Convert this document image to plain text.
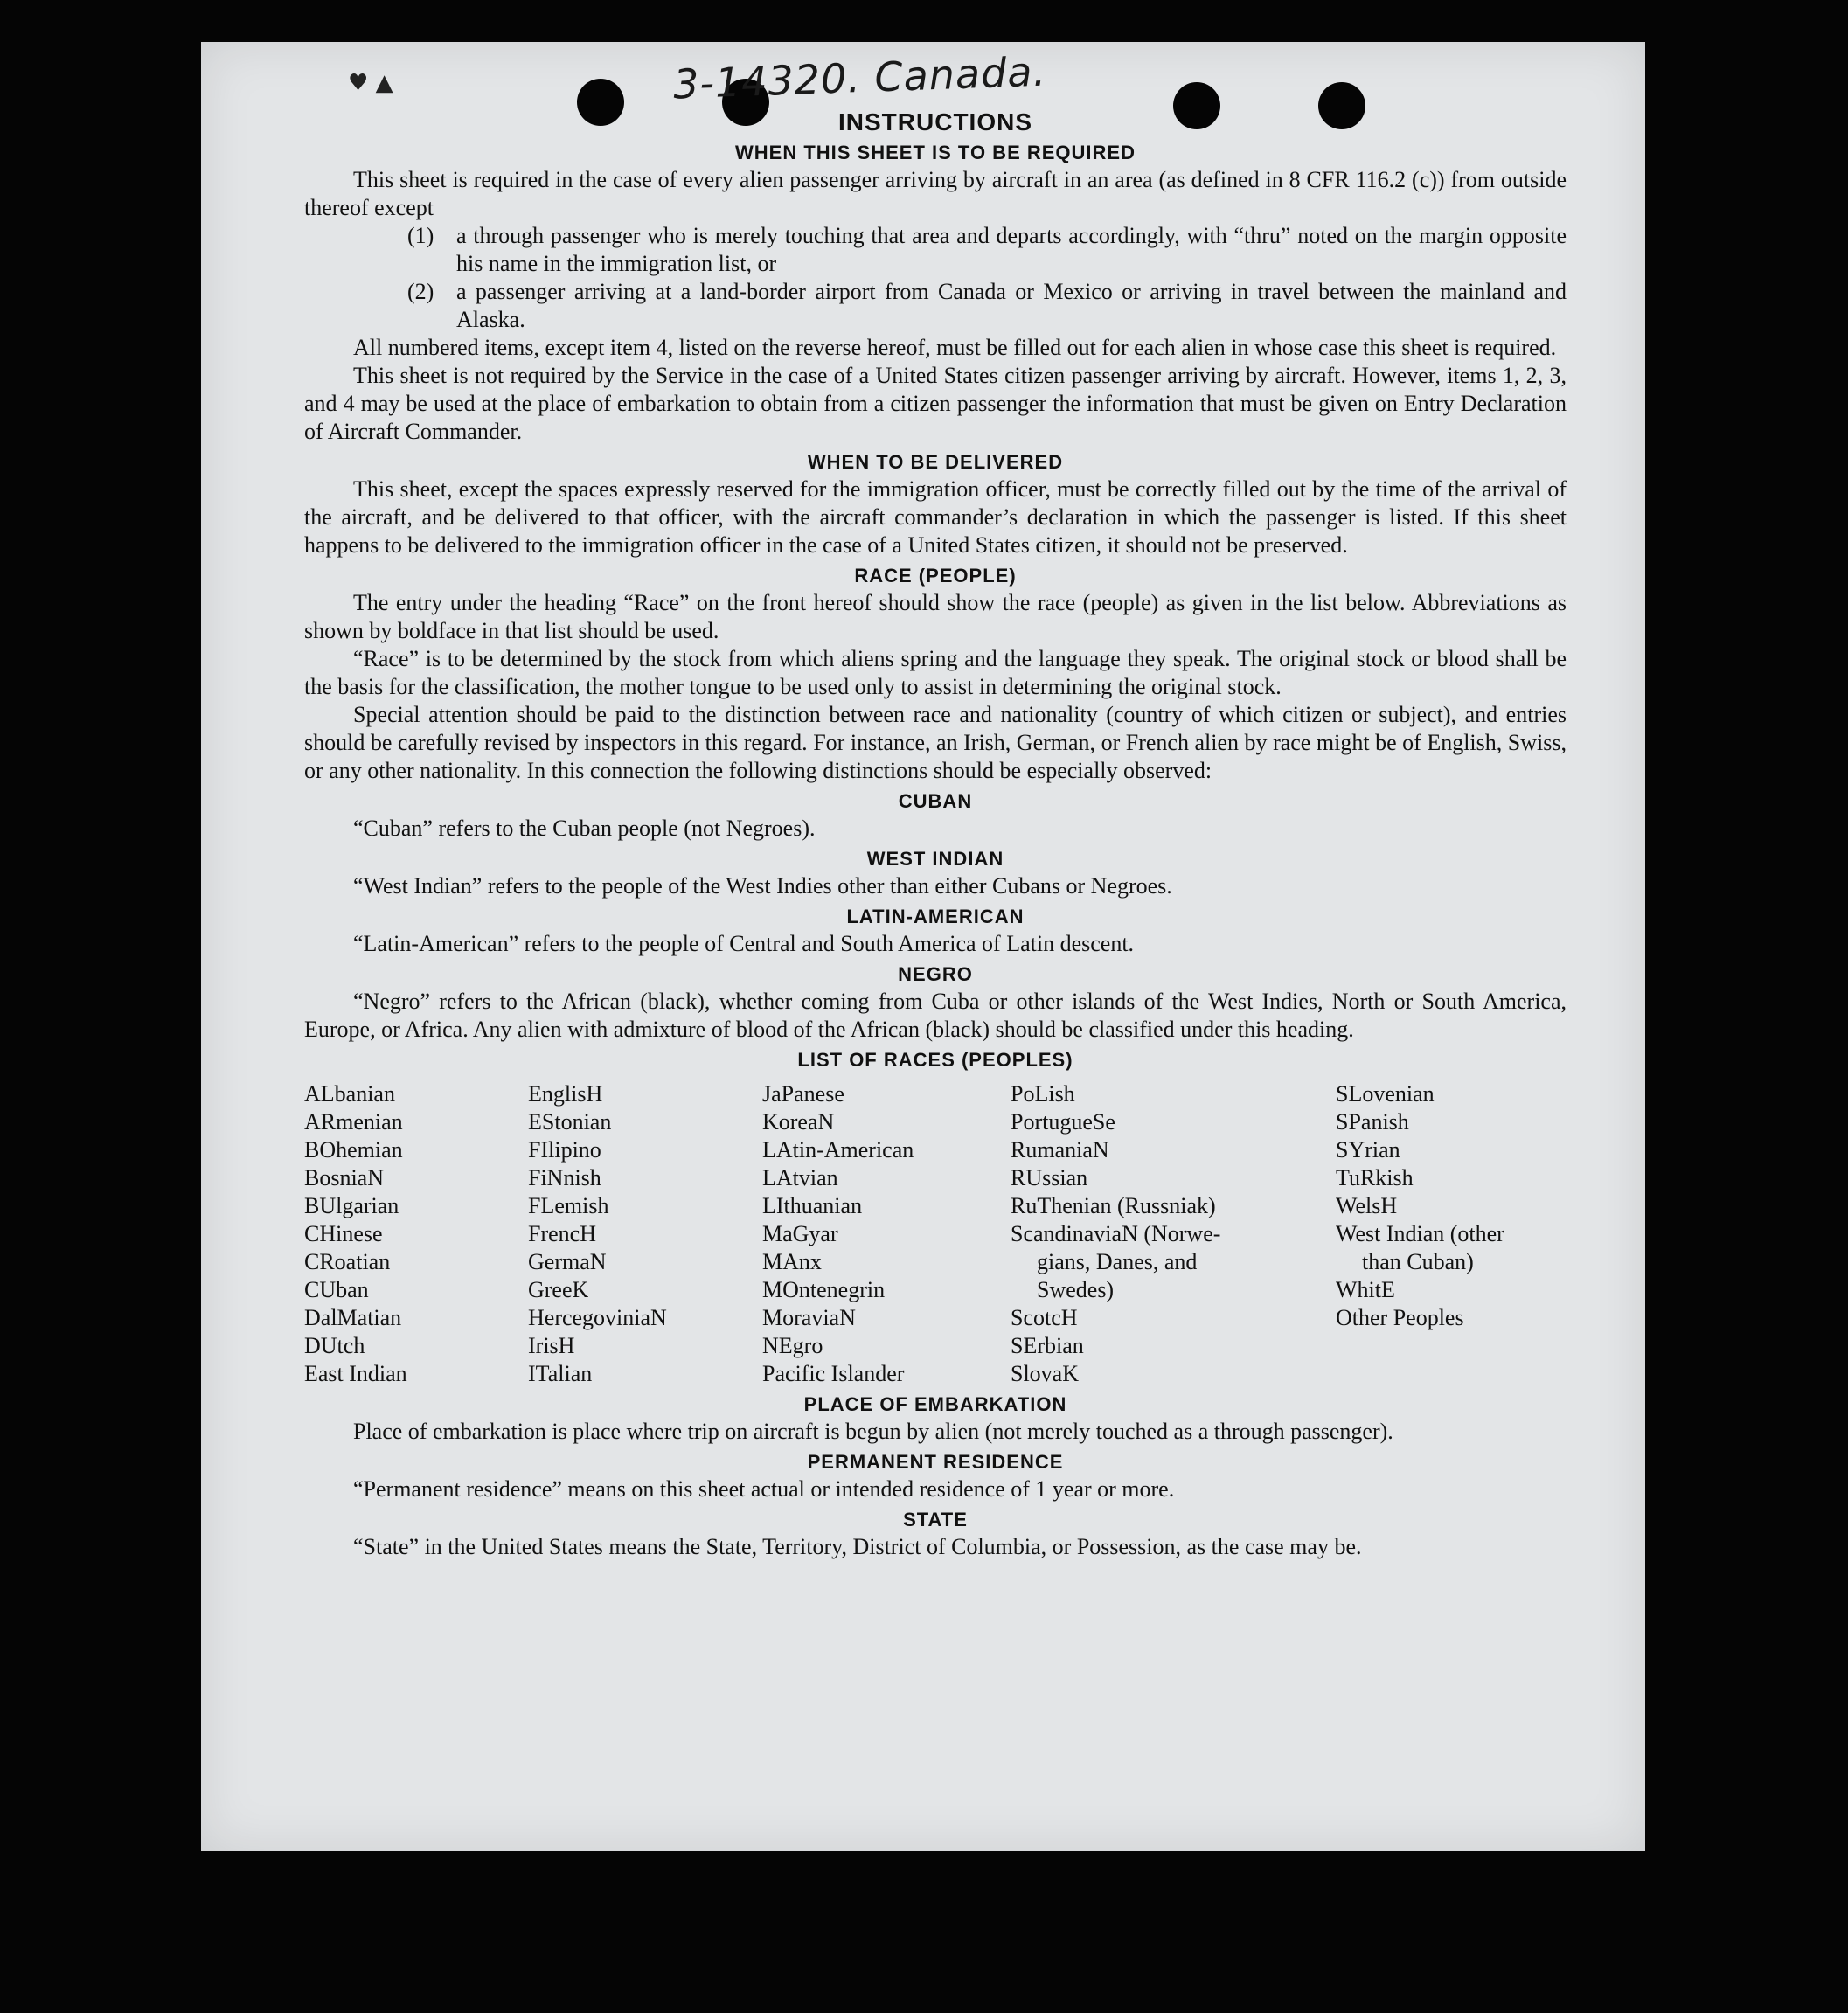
♥ ▲	3-14320. Canada.
INSTRUCTIONS
WHEN THIS SHEET IS TO BE REQUIRED

This sheet is required in the case of every alien passenger arriving by aircraft in an area (as defined in 8 CFR 116.2 (c)) from outside thereof except

(1) a through passenger who is merely touching that area and departs accordingly, with “thru” noted on the margin opposite his name in the immigration list, or
(2) a passenger arriving at a land-border airport from Canada or Mexico or arriving in travel between the mainland and Alaska.

All numbered items, except item 4, listed on the reverse hereof, must be filled out for each alien in whose case this sheet is required.

This sheet is not required by the Service in the case of a United States citizen passenger arriving by aircraft. However, items 1, 2, 3, and 4 may be used at the place of embarkation to obtain from a citizen passenger the information that must be given on Entry Declaration of Aircraft Commander.

WHEN TO BE DELIVERED

This sheet, except the spaces expressly reserved for the immigration officer, must be correctly filled out by the time of the arrival of the aircraft, and be delivered to that officer, with the aircraft commander’s declaration in which the passenger is listed. If this sheet happens to be delivered to the immigration officer in the case of a United States citizen, it should not be preserved.

RACE (PEOPLE)

The entry under the heading “Race” on the front hereof should show the race (people) as given in the list below. Abbreviations as shown by boldface in that list should be used.

“Race” is to be determined by the stock from which aliens spring and the language they speak. The original stock or blood shall be the basis for the classification, the mother tongue to be used only to assist in determining the original stock.

Special attention should be paid to the distinction between race and nationality (country of which citizen or subject), and entries should be carefully revised by inspectors in this regard. For instance, an Irish, German, or French alien by race might be of English, Swiss, or any other nationality. In this connection the following distinctions should be especially observed:

CUBAN

“Cuban” refers to the Cuban people (not Negroes).

WEST INDIAN

“West Indian” refers to the people of the West Indies other than either Cubans or Negroes.

LATIN-AMERICAN

“Latin-American” refers to the people of Central and South America of Latin descent.

NEGRO

“Negro” refers to the African (black), whether coming from Cuba or other islands of the West Indies, North or South America, Europe, or Africa. Any alien with admixture of blood of the African (black) should be classified under this heading.

LIST OF RACES (PEOPLES)
ALbanian
ARmenian
BOhemian
BosniaN
BUlgarian
CHinese
CRoatian
CUban
DalMatian
DUtch
East Indian
EnglisH
EStonian
FIlipino
FiNnish
FLemish
FrencH
GermaN
GreeK
HercegoviniaN
IrisH
ITalian
JaPanese
KoreaN
LAtin-American
LAtvian
LIthuanian
MaGyar
MAnx
MOntenegrin
MoraviaN
NEgro
Pacific Islander
PoLish
PortugueSe
RumaniaN
RUssian
RuThenian (Russniak)
ScandinaviaN (Norwe-
gians, Danes, and
Swedes)
ScotcH
SErbian
SlovaK
SLovenian
SPanish
SYrian
TuRkish
WelsH
West Indian (other
than Cuban)
WhitE
Other Peoples
PLACE OF EMBARKATION

Place of embarkation is place where trip on aircraft is begun by alien (not merely touched as a through passenger).

PERMANENT RESIDENCE

“Permanent residence” means on this sheet actual or intended residence of 1 year or more.

STATE

“State” in the United States means the State, Territory, District of Columbia, or Possession, as the case may be.
